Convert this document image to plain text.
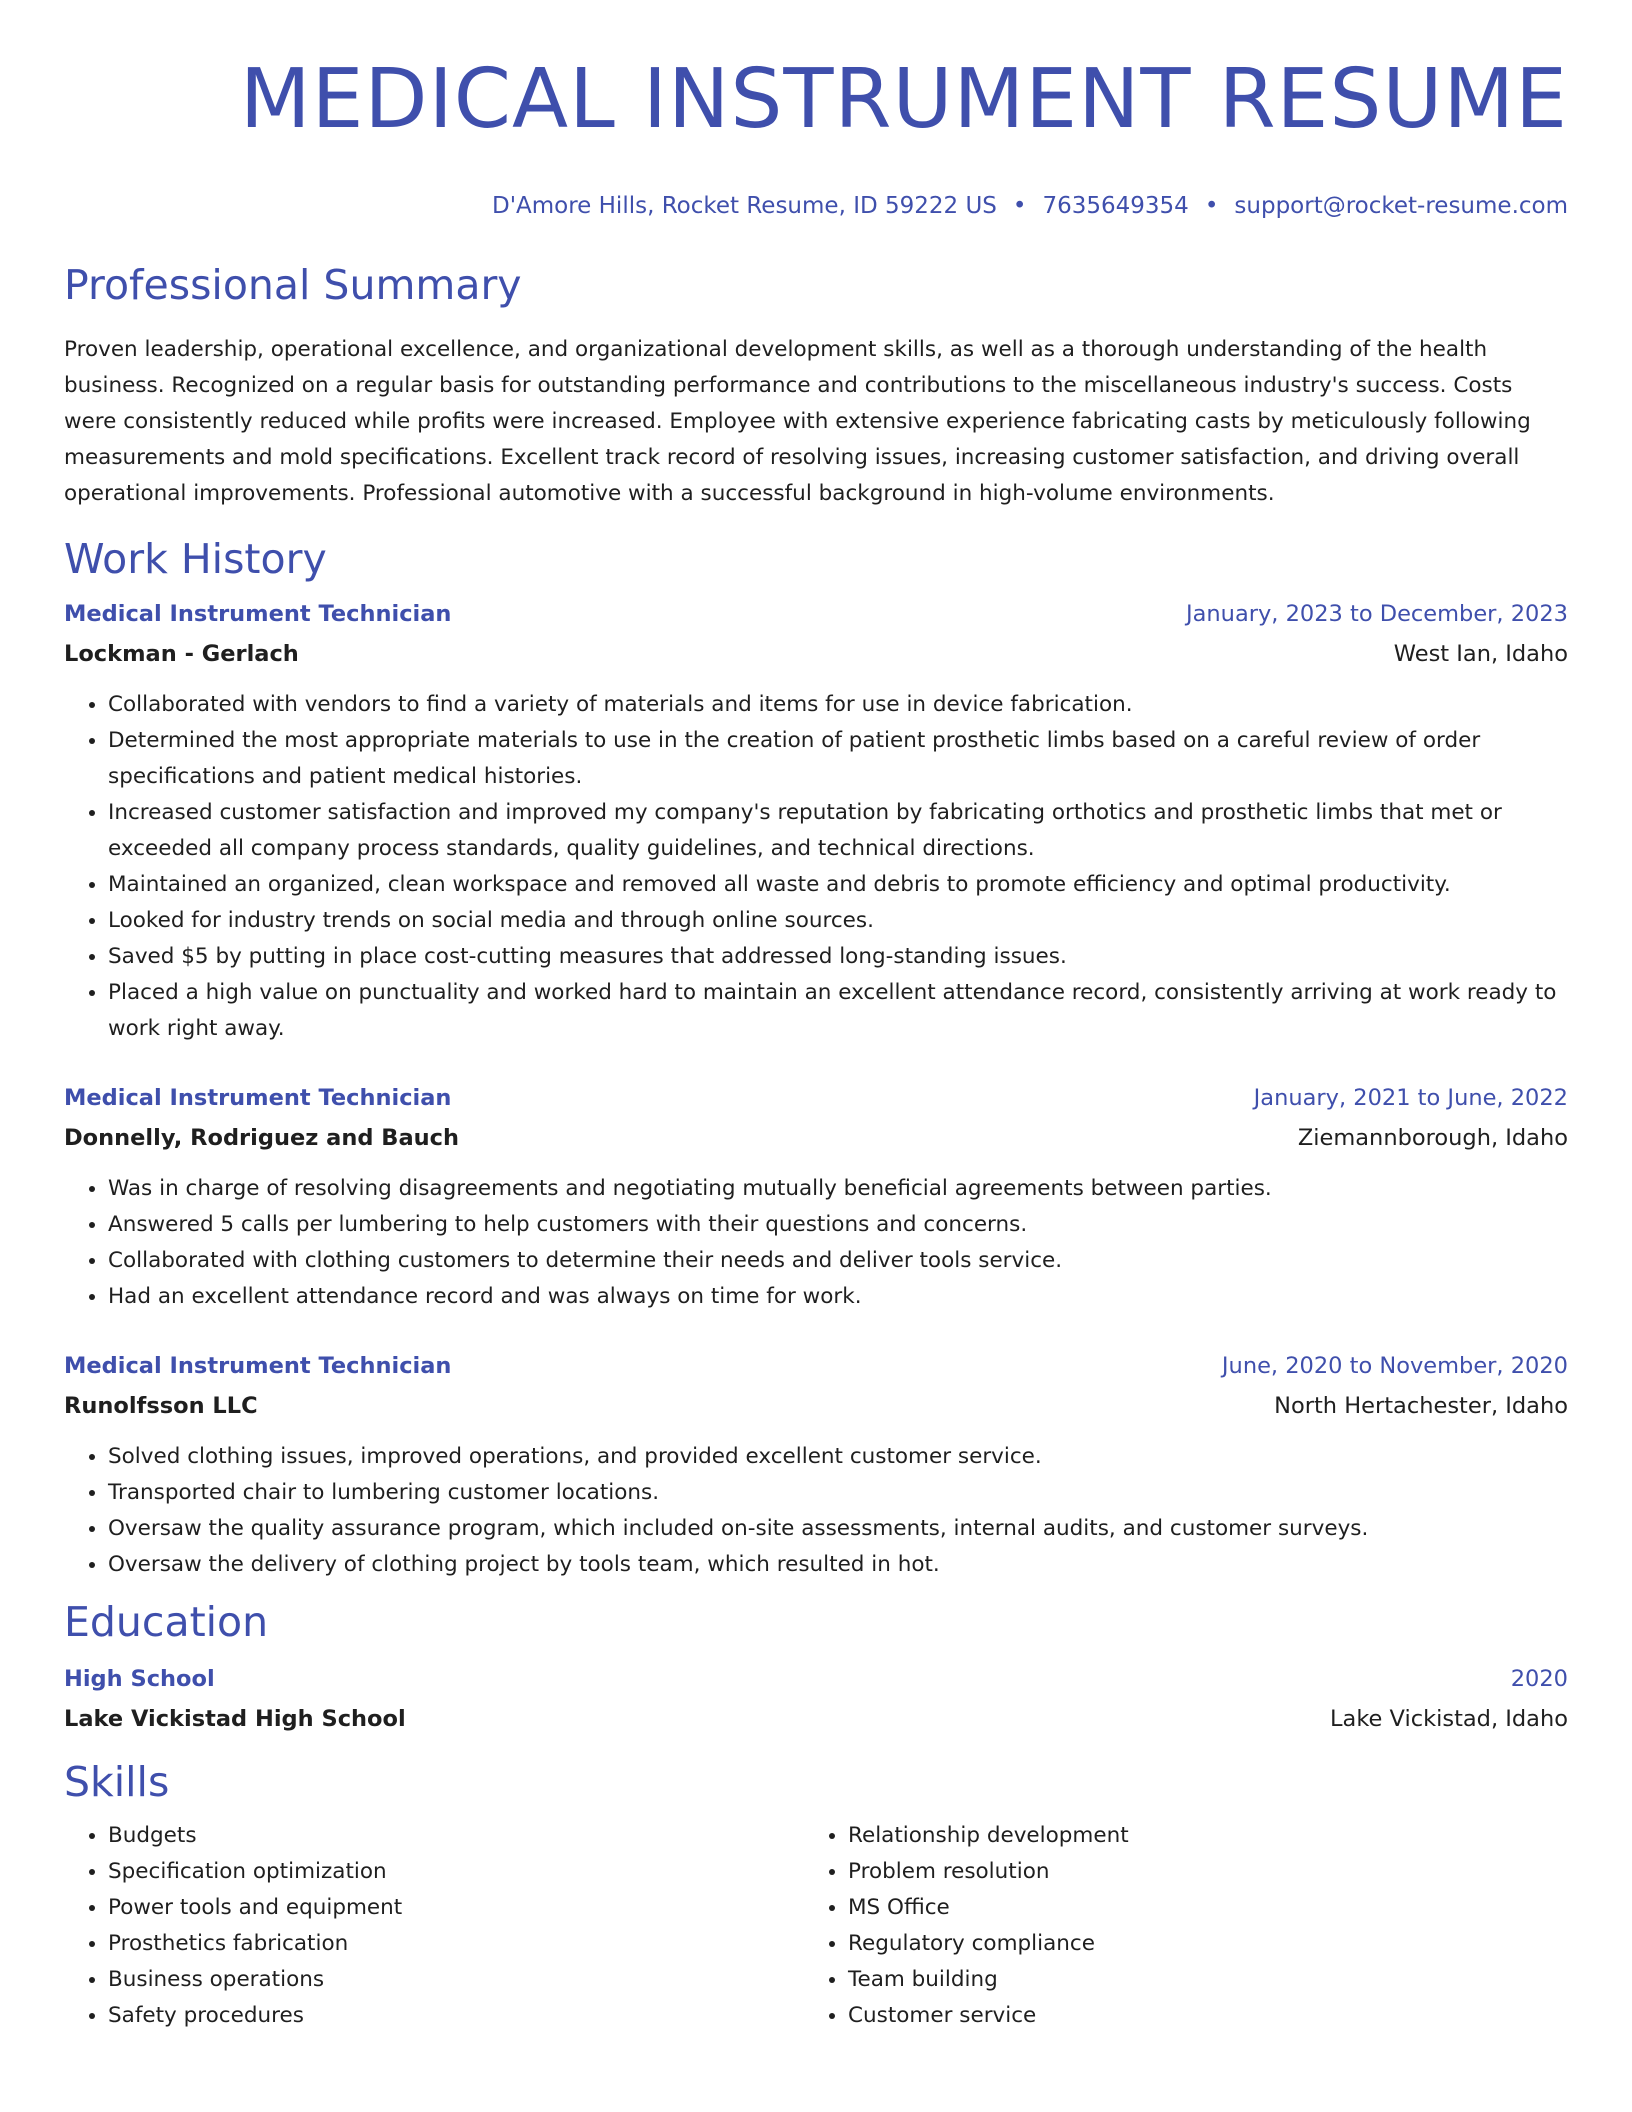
MEDICAL INSTRUMENT RESUME
D'Amore Hills, Rocket Resume, ID 59222 US • 7635649354 • support@rocket-resume.com
Professional Summary
Proven leadership, operational excellence, and organizational development skills, as well as a thorough understanding of the health business. Recognized on a regular basis for outstanding performance and contributions to the miscellaneous industry's success. Costs were consistently reduced while profits were increased. Employee with extensive experience fabricating casts by meticulously following measurements and mold specifications. Excellent track record of resolving issues, increasing customer satisfaction, and driving overall operational improvements. Professional automotive with a successful background in high-volume environments.
Work History
Medical Instrument Technician	January, 2023 to December, 2023
Lockman - Gerlach	West Ian, Idaho
• Collaborated with vendors to find a variety of materials and items for use in device fabrication.
• Determined the most appropriate materials to use in the creation of patient prosthetic limbs based on a careful review of order specifications and patient medical histories.
• Increased customer satisfaction and improved my company's reputation by fabricating orthotics and prosthetic limbs that met or exceeded all company process standards, quality guidelines, and technical directions.
• Maintained an organized, clean workspace and removed all waste and debris to promote efficiency and optimal productivity.
• Looked for industry trends on social media and through online sources.
• Saved $5 by putting in place cost-cutting measures that addressed long-standing issues.
• Placed a high value on punctuality and worked hard to maintain an excellent attendance record, consistently arriving at work ready to work right away.
Medical Instrument Technician	January, 2021 to June, 2022
Donnelly, Rodriguez and Bauch	Ziemannborough, Idaho
• Was in charge of resolving disagreements and negotiating mutually beneficial agreements between parties.
• Answered 5 calls per lumbering to help customers with their questions and concerns.
• Collaborated with clothing customers to determine their needs and deliver tools service.
• Had an excellent attendance record and was always on time for work.
Medical Instrument Technician	June, 2020 to November, 2020
Runolfsson LLC	North Hertachester, Idaho
• Solved clothing issues, improved operations, and provided excellent customer service.
• Transported chair to lumbering customer locations.
• Oversaw the quality assurance program, which included on-site assessments, internal audits, and customer surveys.
• Oversaw the delivery of clothing project by tools team, which resulted in hot.
Education
High School	2020
Lake Vickistad High School	Lake Vickistad, Idaho
Skills
• Budgets
• Specification optimization
• Power tools and equipment
• Prosthetics fabrication
• Business operations
• Safety procedures
• Relationship development
• Problem resolution
• MS Office
• Regulatory compliance
• Team building
• Customer service
